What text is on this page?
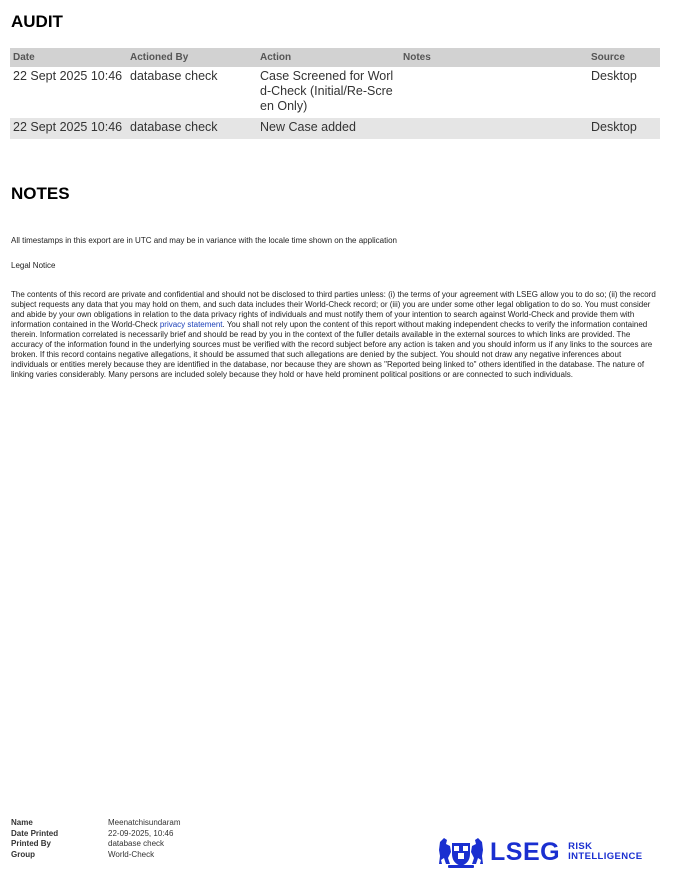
AUDIT
Date	Actioned By	Action	Notes	Source
22 Sept 2025 10:46	database check	Case Screened for World-Check (Initial/Re-Screen Only)		Desktop
22 Sept 2025 10:46	database check	New Case added		Desktop
NOTES

All timestamps in this export are in UTC and may be in variance with the locale time shown on the application

Legal Notice

The contents of this record are private and confidential and should not be disclosed to third parties unless: (i) the terms of your agreement with LSEG allow you to do so; (ii) the record subject requests any data that you may hold on them, and such data includes their World-Check record; or (iii) you are under some other legal obligation to do so. You must consider and abide by your own obligations in relation to the data privacy rights of individuals and must notify them of your intention to search against World-Check and provide them with information contained in the World-Check privacy statement. You shall not rely upon the content of this report without making independent checks to verify the information contained therein. Information correlated is necessarily brief and should be read by you in the context of the fuller details available in the external sources to which links are provided. The accuracy of the information found in the underlying sources must be verified with the record subject before any action is taken and you should inform us if any links to the sources are broken. If this record contains negative allegations, it should be assumed that such allegations are denied by the subject. You should not draw any negative inferences about individuals or entities merely because they are identified in the database, nor because they are shown as "Reported being linked to" others identified in the database. The nature of linking varies considerably. Many persons are included solely because they hold or have held prominent political positions or are connected to such individuals.

Name	Meenatchisundaram
Date Printed	22-09-2025, 10:46
Printed By	database check
Group	World-Check	LSEG RISK
INTELLIGENCE
